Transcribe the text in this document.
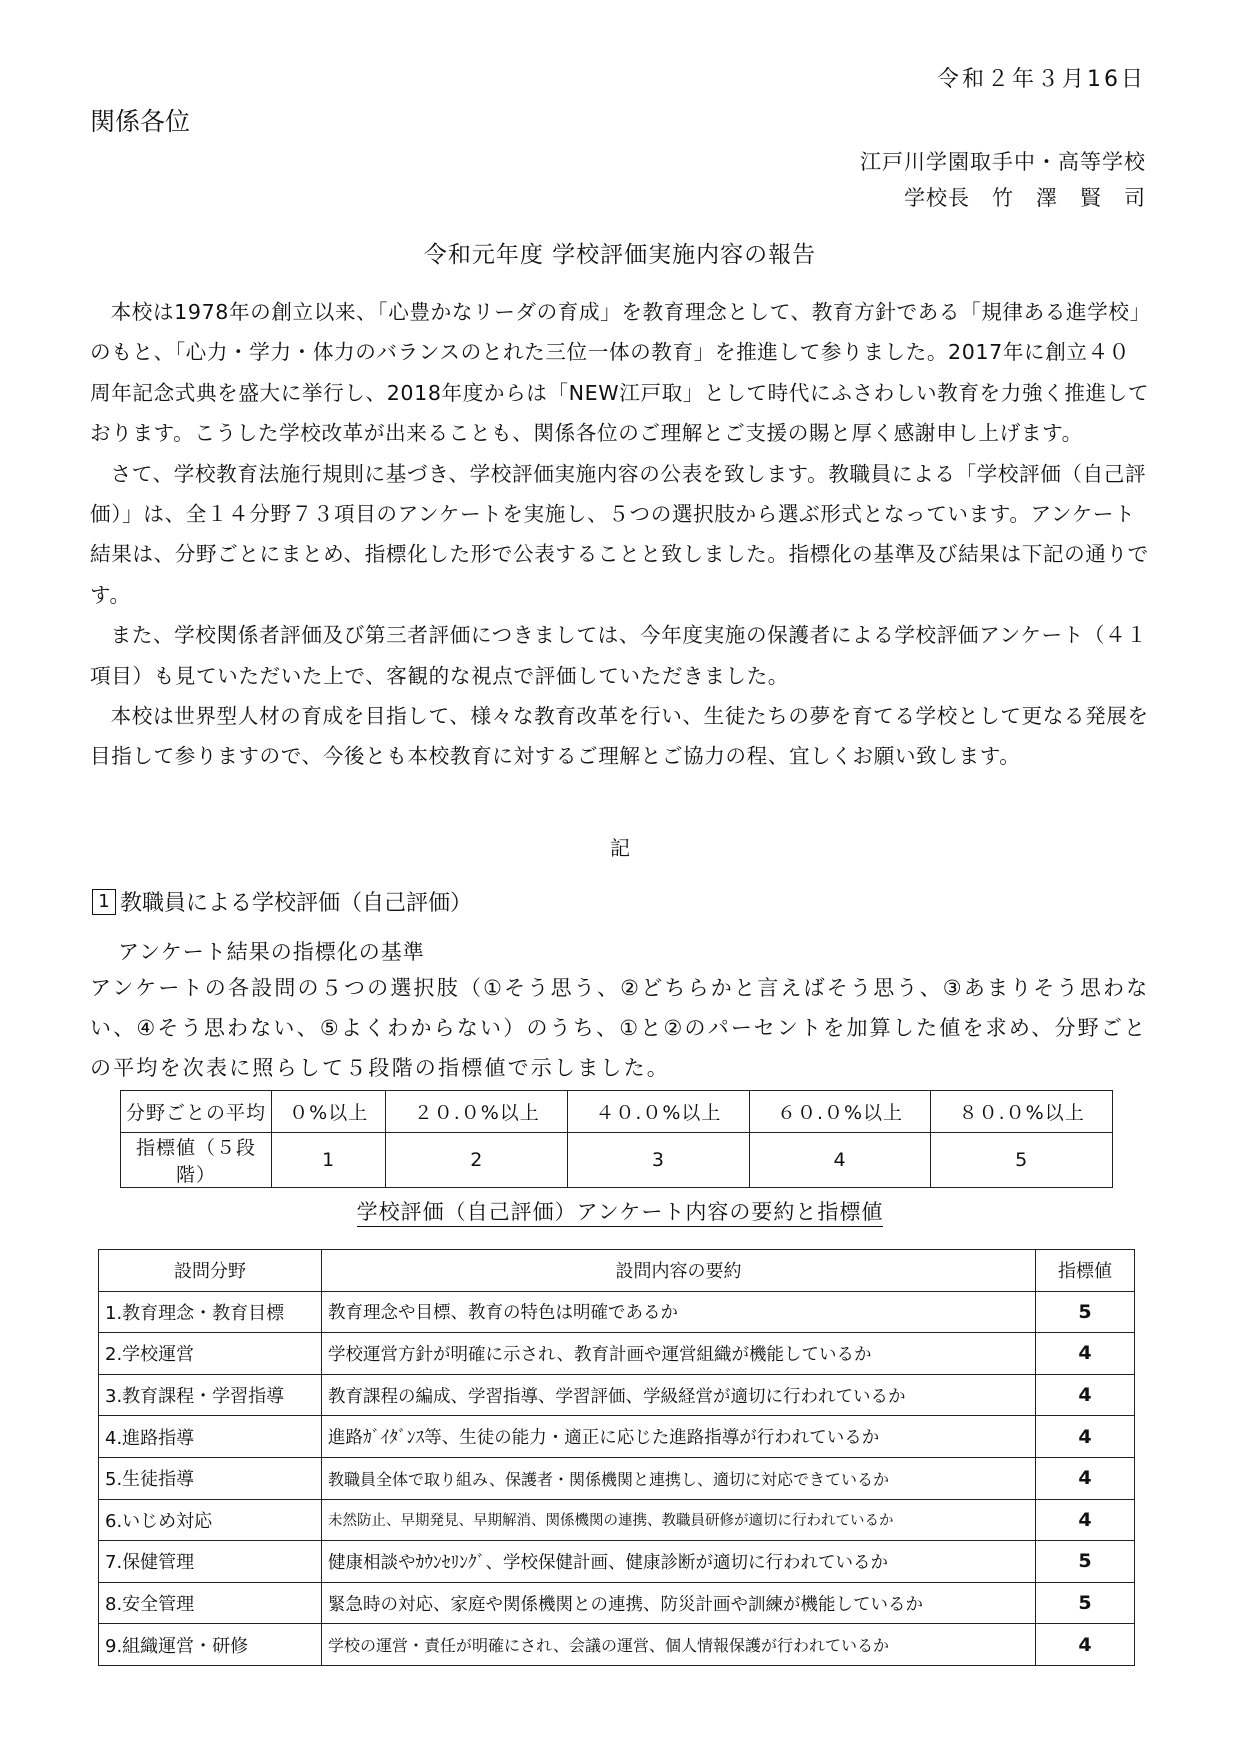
令和２年３月16日
関係各位
江戸川学園取手中・高等学校
学校長　竹　澤　賢　司
令和元年度 学校評価実施内容の報告

本校は1978年の創立以来、「心豊かなリーダの育成」を教育理念として、教育方針である「規律ある進学校」のもと、「心力・学力・体力のバランスのとれた三位一体の教育」を推進して参りました。2017年に創立４０周年記念式典を盛大に挙行し、2018年度からは「NEW江戸取」として時代にふさわしい教育を力強く推進しております。こうした学校改革が出来ることも、関係各位のご理解とご支援の賜と厚く感謝申し上げます。

さて、学校教育法施行規則に基づき、学校評価実施内容の公表を致します。教職員による「学校評価（自己評価）」は、全１４分野７３項目のアンケートを実施し、５つの選択肢から選ぶ形式となっています。アンケート結果は、分野ごとにまとめ、指標化した形で公表することと致しました。指標化の基準及び結果は下記の通りです。

また、学校関係者評価及び第三者評価につきましては、今年度実施の保護者による学校評価アンケート（４１項目）も見ていただいた上で、客観的な視点で評価していただきました。

本校は世界型人材の育成を目指して、様々な教育改革を行い、生徒たちの夢を育てる学校として更なる発展を目指して参りますので、今後とも本校教育に対するご理解とご協力の程、宜しくお願い致します。

記
1 教職員による学校評価（自己評価）
アンケート結果の指標化の基準
アンケートの各設問の５つの選択肢（①そう思う、②どちらかと言えばそう思う、③あまりそう思わない、④そう思わない、⑤よくわからない）のうち、①と②のパーセントを加算した値を求め、分野ごとの平均を次表に照らして５段階の指標値で示しました。
分野ごとの平均	０%以上	２０.０%以上	４０.０%以上	６０.０%以上	８０.０%以上
指標値（５段階）	1	2	3	4	5
学校評価（自己評価）アンケート内容の要約と指標値
設問分野	設問内容の要約	指標値
1.教育理念・教育目標	教育理念や目標、教育の特色は明確であるか	5
2.学校運営	学校運営方針が明確に示され、教育計画や運営組織が機能しているか	4
3.教育課程・学習指導	教育課程の編成、学習指導、学習評価、学級経営が適切に行われているか	4
4.進路指導	進路ｶﾞｲﾀﾞﾝｽ等、生徒の能力・適正に応じた進路指導が行われているか	4
5.生徒指導	教職員全体で取り組み、保護者・関係機関と連携し、適切に対応できているか	4
6.いじめ対応	未然防止、早期発見、早期解消、関係機関の連携、教職員研修が適切に行われているか	4
7.保健管理	健康相談やｶｳﾝｾﾘﾝｸﾞ、学校保健計画、健康診断が適切に行われているか	5
8.安全管理	緊急時の対応、家庭や関係機関との連携、防災計画や訓練が機能しているか	5
9.組織運営・研修	学校の運営・責任が明確にされ、会議の運営、個人情報保護が行われているか	4
